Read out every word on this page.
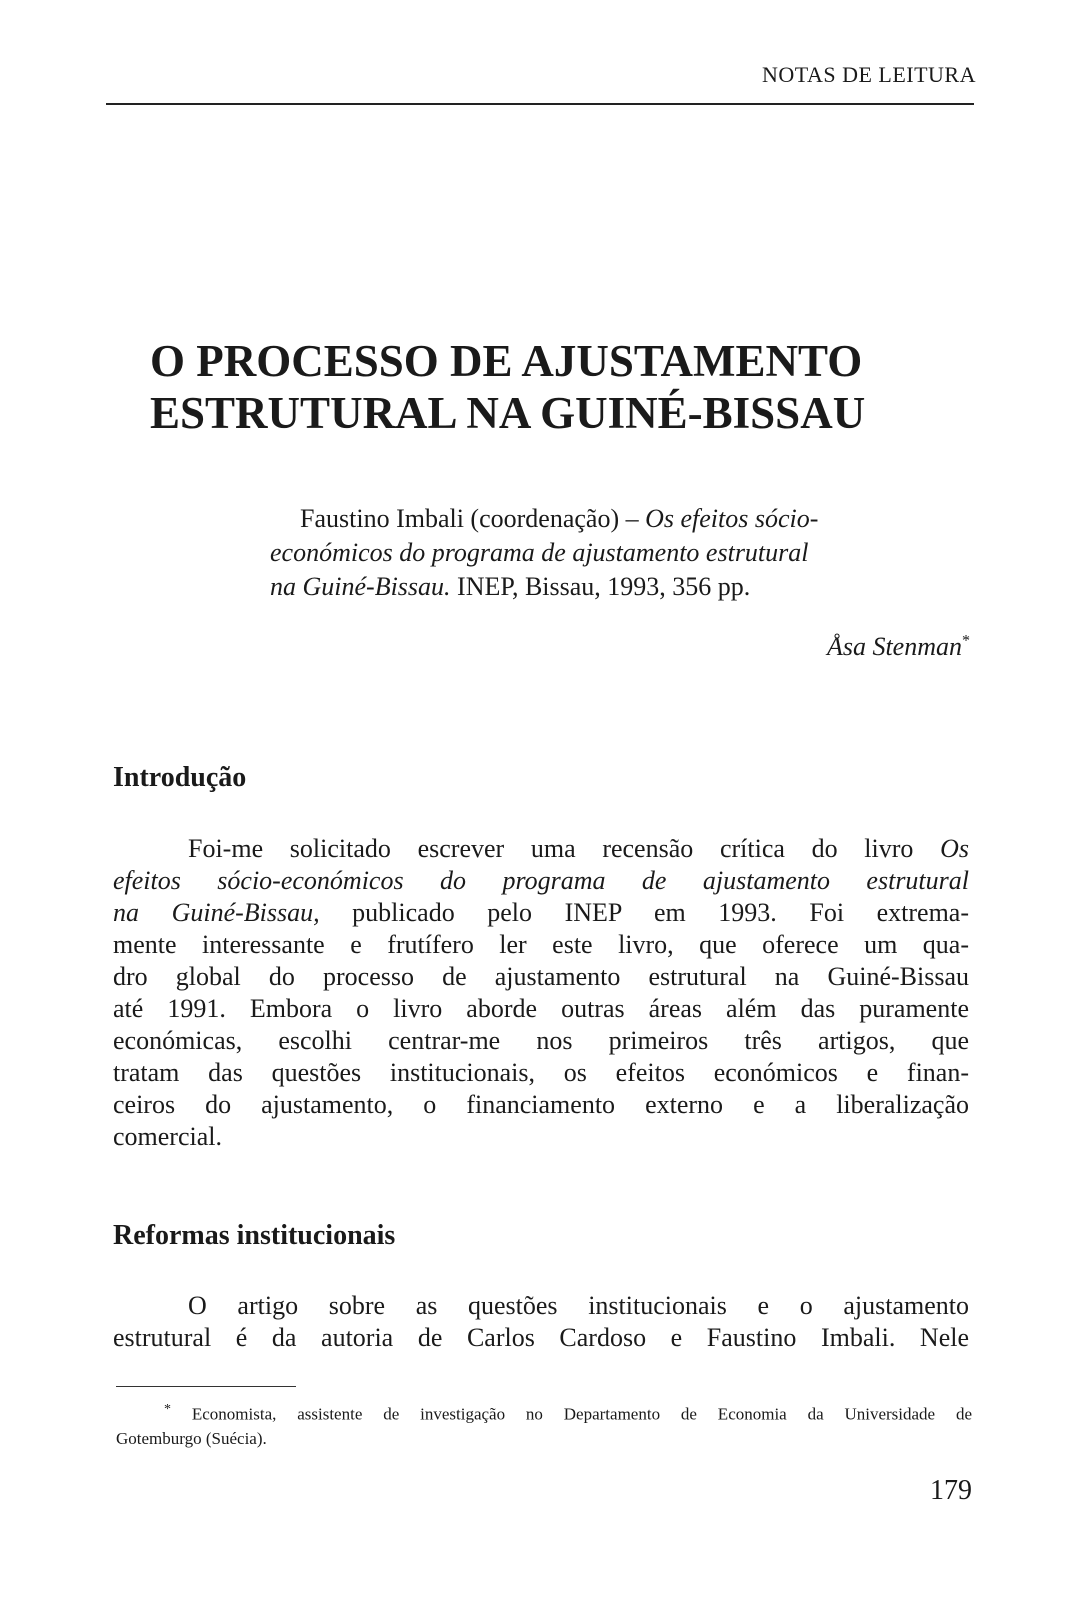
NOTAS DE LEITURA
O PROCESSO DE AJUSTAMENTO
ESTRUTURAL NA GUINÉ-BISSAU
Faustino Imbali (coordenação) – Os efeitos sócio-
económicos do programa de ajustamento estrutural
na Guiné-Bissau. INEP, Bissau, 1993, 356 pp.
Åsa Stenman*
Introdução
Foi-me solicitado escrever uma recensão crítica do livro Os
efeitos sócio-económicos do programa de ajustamento estrutural
na Guiné-Bissau, publicado pelo INEP em 1993. Foi extrema-
mente interessante e frutífero ler este livro, que oferece um qua-
dro global do processo de ajustamento estrutural na Guiné-Bissau
até 1991. Embora o livro aborde outras áreas além das puramente
económicas, escolhi centrar-me nos primeiros três artigos, que
tratam das questões institucionais, os efeitos económicos e finan-
ceiros do ajustamento, o financiamento externo e a liberalização
comercial.
Reformas institucionais
O artigo sobre as questões institucionais e o ajustamento
estrutural é da autoria de Carlos Cardoso e Faustino Imbali. Nele
* Economista, assistente de investigação no Departamento de Economia da Universidade de
Gotemburgo (Suécia).
179
